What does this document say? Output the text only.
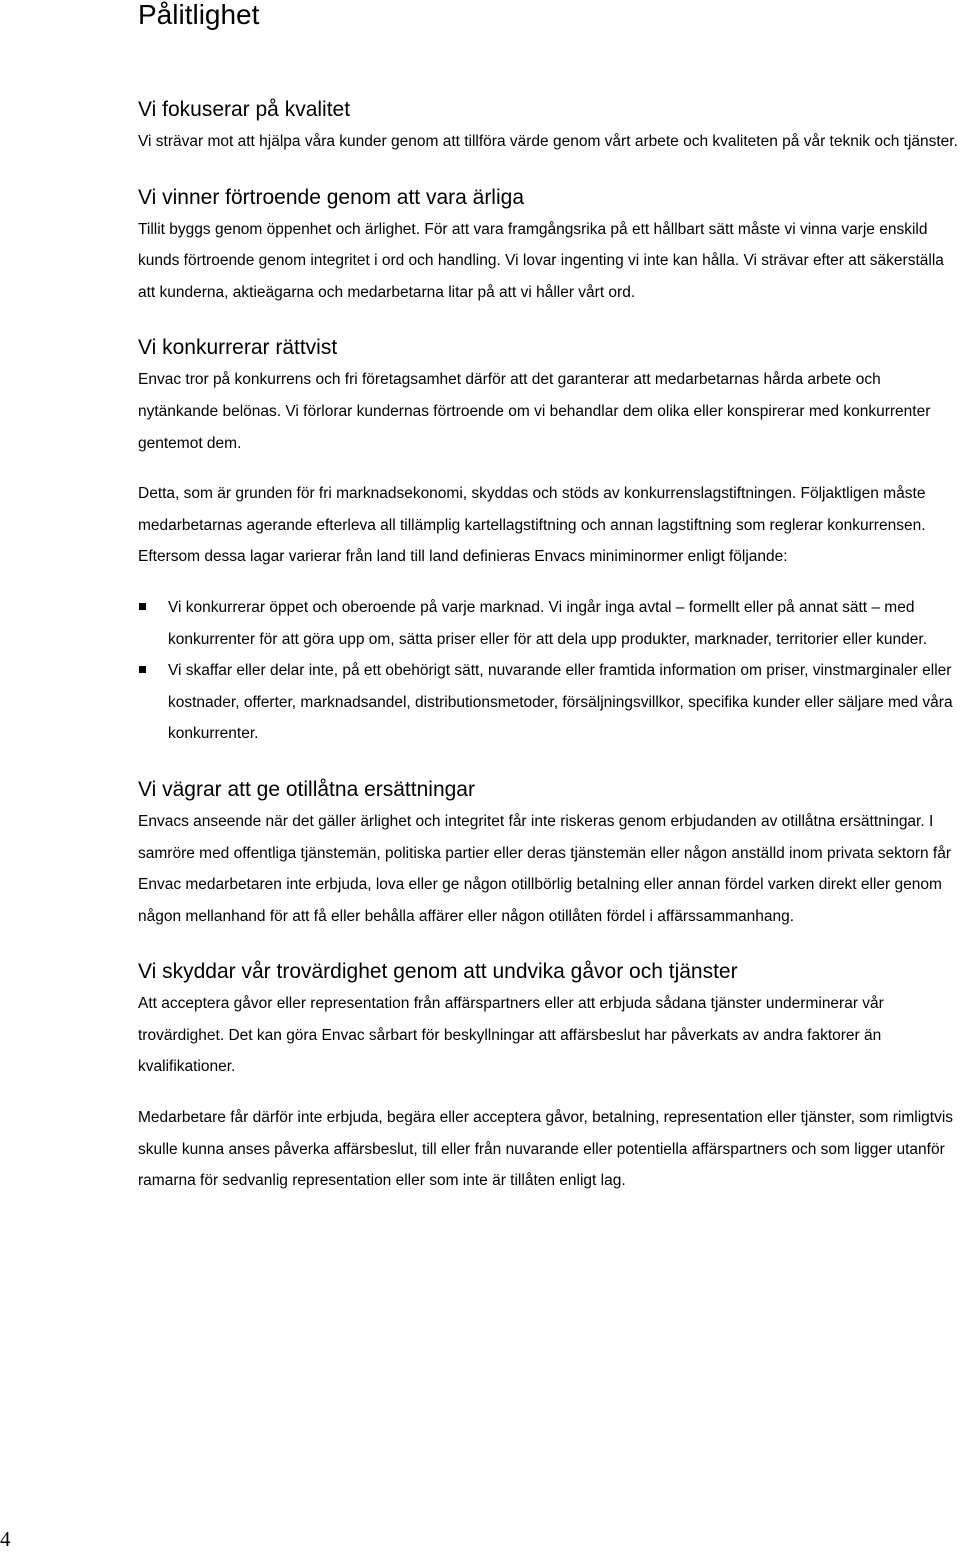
Pålitlighet
Vi fokuserar på kvalitet

Vi strävar mot att hjälpa våra kunder genom att tillföra värde genom vårt arbete och kvaliteten på vår teknik och tjänster.

Vi vinner förtroende genom att vara ärliga

Tillit byggs genom öppenhet och ärlighet. För att vara framgångsrika på ett hållbart sätt måste vi vinna varje enskild kunds förtroende genom integritet i ord och handling. Vi lovar ingenting vi inte kan hålla. Vi strävar efter att säkerställa att kunderna, aktieägarna och medarbetarna litar på att vi håller vårt ord.

Vi konkurrerar rättvist

Envac tror på konkurrens och fri företagsamhet därför att det garanterar att medarbetarnas hårda arbete och nytänkande belönas. Vi förlorar kundernas förtroende om vi behandlar dem olika eller konspirerar med konkurrenter gentemot dem.

Detta, som är grunden för fri marknadsekonomi, skyddas och stöds av konkurrenslagstiftningen. Följaktligen måste medarbetarnas agerande efterleva all tillämplig kartellagstiftning och annan lagstiftning som reglerar konkurrensen. Eftersom dessa lagar varierar från land till land definieras Envacs miniminormer enligt följande:

Vi konkurrerar öppet och oberoende på varje marknad. Vi ingår inga avtal – formellt eller på annat sätt – med konkurrenter för att göra upp om, sätta priser eller för att dela upp produkter, marknader, territorier eller kunder.
Vi skaffar eller delar inte, på ett obehörigt sätt, nuvarande eller framtida information om priser, vinstmarginaler eller kostnader, offerter, marknadsandel, distributionsmetoder, försäljningsvillkor, specifika kunder eller säljare med våra konkurrenter.
Vi vägrar att ge otillåtna ersättningar

Envacs anseende när det gäller ärlighet och integritet får inte riskeras genom erbjudanden av otillåtna ersättningar. I samröre med offentliga tjänstemän, politiska partier eller deras tjänstemän eller någon anställd inom privata sektorn får Envac medarbetaren inte erbjuda, lova eller ge någon otillbörlig betalning eller annan fördel varken direkt eller genom någon mellanhand för att få eller behålla affärer eller någon otillåten fördel i affärssammanhang.

Vi skyddar vår trovärdighet genom att undvika gåvor och tjänster

Att acceptera gåvor eller representation från affärspartners eller att erbjuda sådana tjänster underminerar vår trovärdighet. Det kan göra Envac sårbart för beskyllningar att affärsbeslut har påverkats av andra faktorer än kvalifikationer.

Medarbetare får därför inte erbjuda, begära eller acceptera gåvor, betalning, representation eller tjänster, som rimligtvis skulle kunna anses påverka affärsbeslut, till eller från nuvarande eller potentiella affärspartners och som ligger utanför ramarna för sedvanlig representation eller som inte är tillåten enligt lag.

4
